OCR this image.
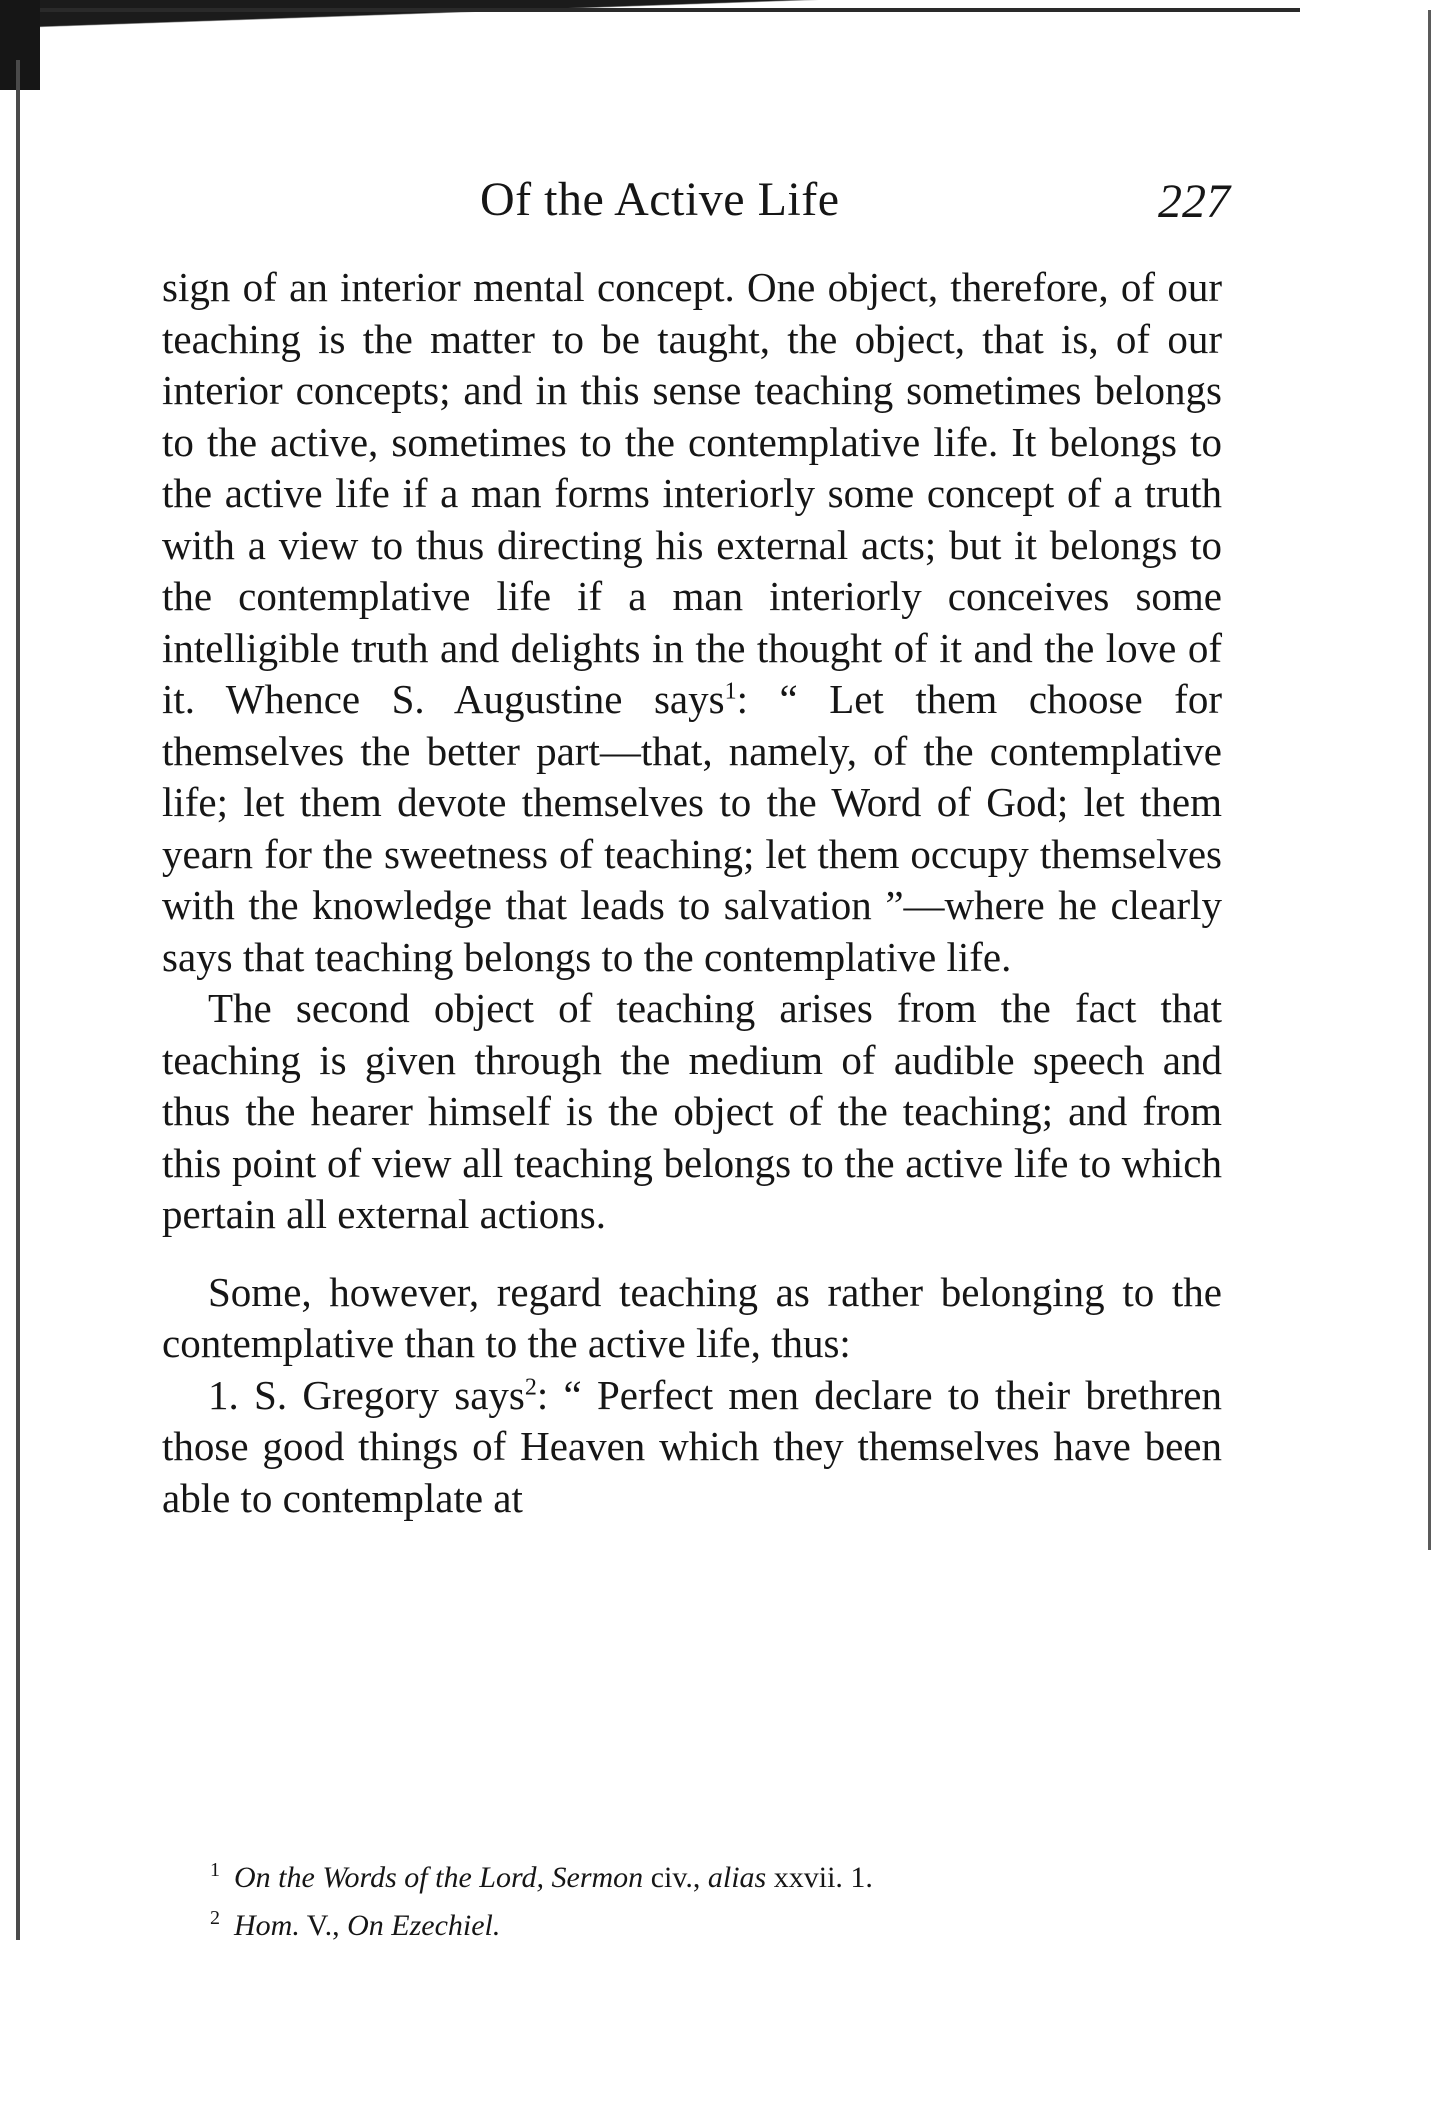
Of the Active Life	227

sign of an interior mental concept. One object, therefore, of our teaching is the matter to be taught, the object, that is, of our interior concepts; and in this sense teaching sometimes belongs to the active, sometimes to the contemplative life. It belongs to the active life if a man forms interiorly some concept of a truth with a view to thus directing his external acts; but it belongs to the contemplative life if a man interiorly conceives some intelligible truth and delights in the thought of it and the love of it. Whence S. Augustine says$^1$: “ Let them choose for themselves the better part—that, namely, of the contemplative life; let them devote themselves to the Word of God; let them yearn for the sweetness of teaching; let them occupy themselves with the knowledge that leads to salvation ”—where he clearly says that teaching belongs to the contemplative life.

The second object of teaching arises from the fact that teaching is given through the medium of audible speech and thus the hearer himself is the object of the teaching; and from this point of view all teaching belongs to the active life to which pertain all external actions.

Some, however, regard teaching as rather belonging to the contemplative than to the active life, thus:

1. S. Gregory says$^2$: “ Perfect men declare to their brethren those good things of Heaven which they themselves have been able to contemplate at

$^1$ On the Words of the Lord, Sermon civ., alias xxvii. 1.

$^2$ Hom. V., On Ezechiel.
